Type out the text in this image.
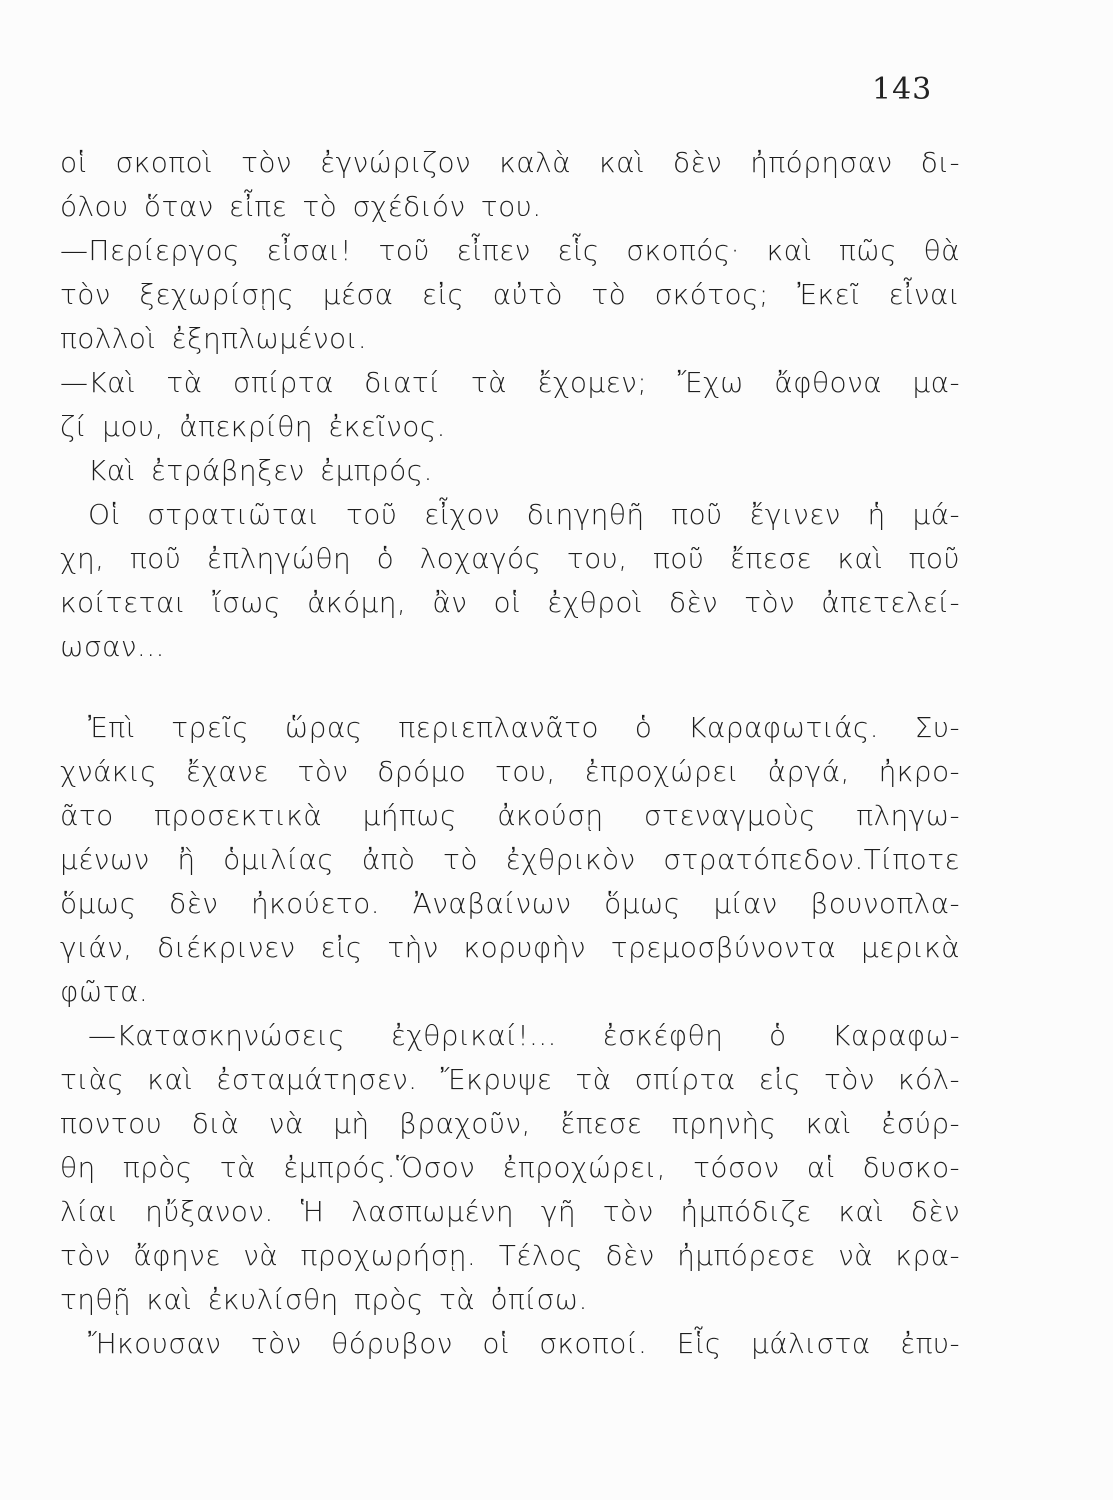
143
οἱ σκοποὶ τὸν ἐγνώριζον καλὰ καὶ δὲν ἠπόρησαν δι-
όλου ὅταν εἶπε τὸ σχέδιόν του.
—Περίεργος εἶσαι! τοῦ εἶπεν εἷς σκοπός· καὶ πῶς θὰ
τὸν ξεχωρίσῃς μέσα εἰς αὐτὸ τὸ σκότος; Ἐκεῖ εἶναι
πολλοὶ ἐξηπλωμένοι.
—Καὶ τὰ σπίρτα διατί τὰ ἔχομεν; Ἔχω ἄφθονα μα-
ζί μου, ἀπεκρίθη ἐκεῖνος.
Καὶ ἐτράβηξεν ἐμπρός.
Οἱ στρατιῶται τοῦ εἶχον διηγηθῆ ποῦ ἔγινεν ἡ μά-
χη, ποῦ ἐπληγώθη ὁ λοχαγός του, ποῦ ἔπεσε καὶ ποῦ
κοίτεται ἴσως ἀκόμη, ἂν οἱ ἐχθροὶ δὲν τὸν ἀπετελεί-
ωσαν...
Ἐπὶ τρεῖς ὥρας περιεπλανᾶτο ὁ Καραφωτιάς. Συ-
χνάκις ἔχανε τὸν δρόμο του, ἐπροχώρει ἀργά, ἠκρο-
ᾶτο προσεκτικὰ μήπως ἀκούσῃ στεναγμοὺς πληγω-
μένων ἢ ὁμιλίας ἀπὸ τὸ ἐχθρικὸν στρατόπεδον.Τίποτε
ὅμως δὲν ἠκούετο. Ἀναβαίνων ὅμως μίαν βουνοπλα-
γιάν, διέκρινεν εἰς τὴν κορυφὴν τρεμοσβύνοντα μερικὰ
φῶτα.
—Κατασκηνώσεις ἐχθρικαί!... ἐσκέφθη ὁ Καραφω-
τιὰς καὶ ἐσταμάτησεν. Ἔκρυψε τὰ σπίρτα εἰς τὸν κόλ-
ποντου διὰ νὰ μὴ βραχοῦν, ἔπεσε πρηνὴς καὶ ἐσύρ-
θη πρὸς τὰ ἐμπρός.Ὅσον ἐπροχώρει, τόσον αἱ δυσκο-
λίαι ηὔξανον. Ἡ λασπωμένη γῆ τὸν ἠμπόδιζε καὶ δὲν
τὸν ἄφηνε νὰ προχωρήσῃ. Τέλος δὲν ἠμπόρεσε νὰ κρα-
τηθῇ καὶ ἐκυλίσθη πρὸς τὰ ὀπίσω.
Ἤκουσαν τὸν θόρυβον οἱ σκοποί. Εἷς μάλιστα ἐπυ-
